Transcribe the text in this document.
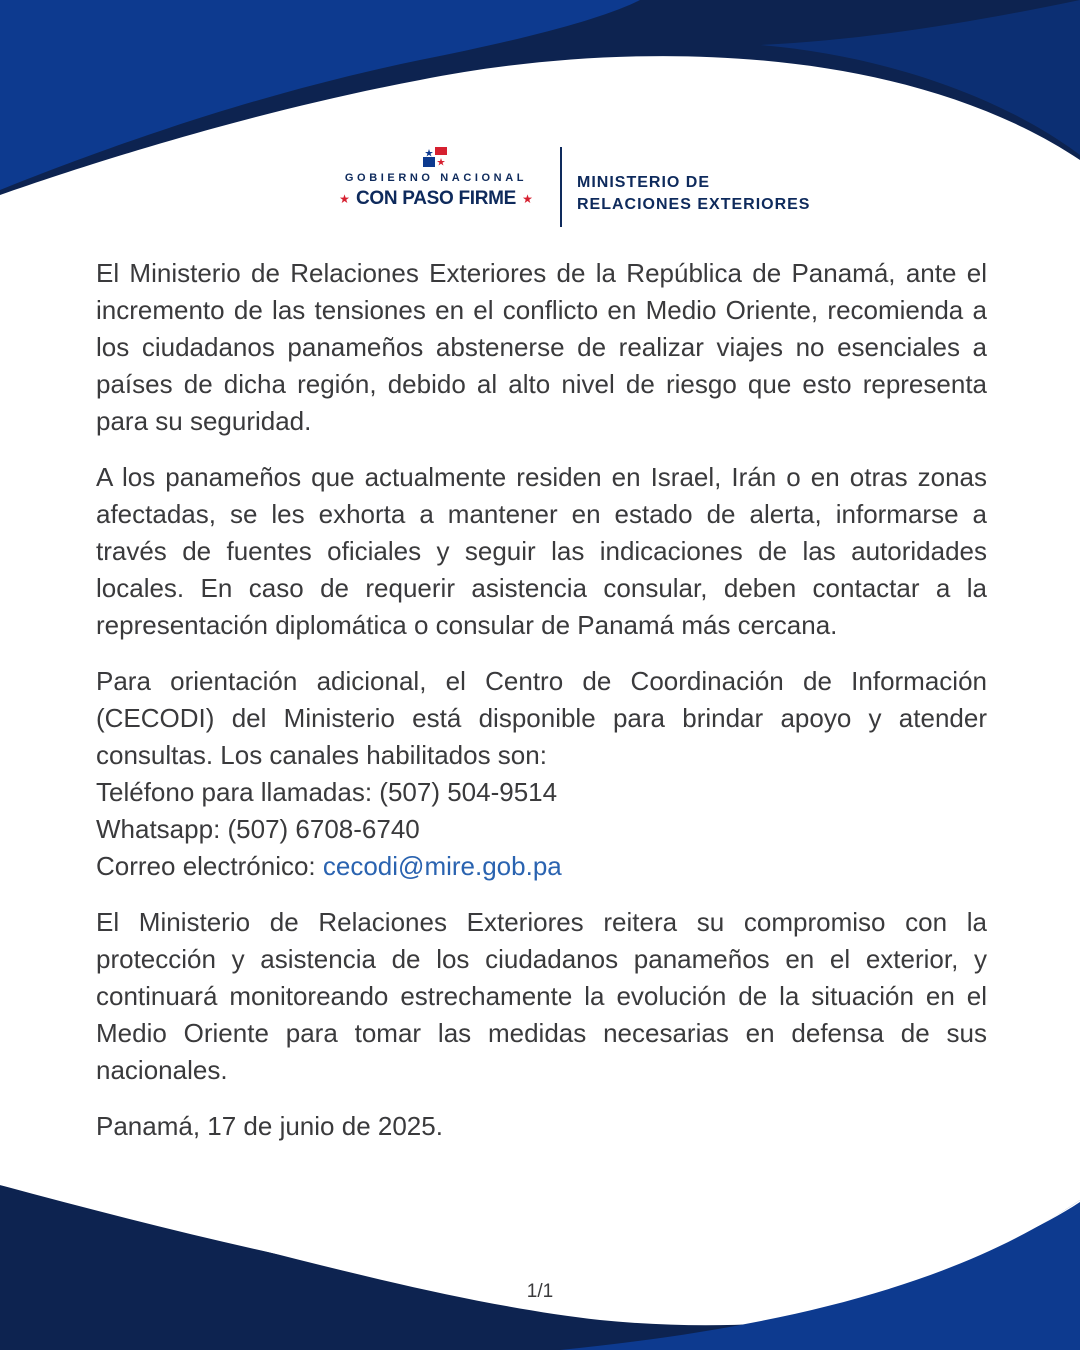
GOBIERNO NACIONAL
★ CON PASO FIRME ★
MINISTERIO DE
RELACIONES EXTERIORES

El Ministerio de Relaciones Exteriores de la República de Panamá, ante el incremento de las tensiones en el conflicto en Medio Oriente, recomienda a los ciudadanos panameños abstenerse de realizar viajes no esenciales a países de dicha región, debido al alto nivel de riesgo que esto representa para su seguridad.

A los panameños que actualmente residen en Israel, Irán o en otras zonas afectadas, se les exhorta a mantener en estado de alerta, informarse a través de fuentes oficiales y seguir las indicaciones de las autoridades locales. En caso de requerir asistencia consular, deben contactar a la representación diplomática o consular de Panamá más cercana.

Para orientación adicional, el Centro de Coordinación de Información (CECODI) del Ministerio está disponible para brindar apoyo y atender consultas. Los canales habilitados son:

Teléfono para llamadas: (507) 504-9514

Whatsapp: (507) 6708-6740

Correo electrónico: cecodi@mire.gob.pa

El Ministerio de Relaciones Exteriores reitera su compromiso con la protección y asistencia de los ciudadanos panameños en el exterior, y continuará monitoreando estrechamente la evolución de la situación en el Medio Oriente para tomar las medidas necesarias en defensa de sus nacionales.

Panamá, 17 de junio de 2025.

1/1
